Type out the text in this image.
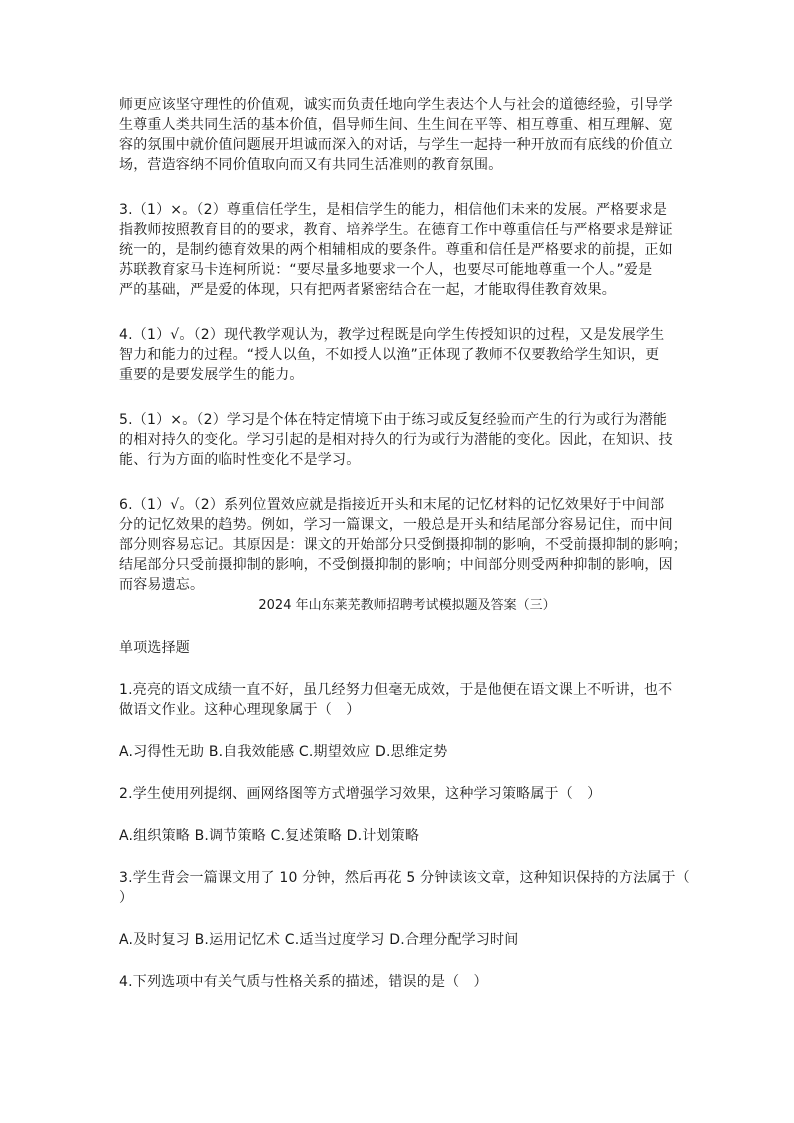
师更应该坚守理性的价值观，诚实而负责任地向学生表达个人与社会的道德经验，引导学
生尊重人类共同生活的基本价值，倡导师生间、生生间在平等、相互尊重、相互理解、宽
容的氛围中就价值问题展开坦诚而深入的对话，与学生一起持一种开放而有底线的价值立
场，营造容纳不同价值取向而又有共同生活准则的教育氛围。
3.（1）×。（2）尊重信任学生，是相信学生的能力，相信他们未来的发展。严格要求是
指教师按照教育目的的要求，教育、培养学生。在德育工作中尊重信任与严格要求是辩证
统一的，是制约德育效果的两个相辅相成的要条件。尊重和信任是严格要求的前提，正如
苏联教育家马卡连柯所说：“要尽量多地要求一个人，也要尽可能地尊重一个人。”爱是
严的基础，严是爱的体现，只有把两者紧密结合在一起，才能取得佳教育效果。
4.（1）√。（2）现代教学观认为，教学过程既是向学生传授知识的过程，又是发展学生
智力和能力的过程。“授人以鱼，不如授人以渔”正体现了教师不仅要教给学生知识，更
重要的是要发展学生的能力。
5.（1）×。（2）学习是个体在特定情境下由于练习或反复经验而产生的行为或行为潜能
的相对持久的变化。学习引起的是相对持久的行为或行为潜能的变化。因此，在知识、技
能、行为方面的临时性变化不是学习。
6.（1）√。（2）系列位置效应就是指接近开头和末尾的记忆材料的记忆效果好于中间部
分的记忆效果的趋势。例如，学习一篇课文，一般总是开头和结尾部分容易记住，而中间
部分则容易忘记。其原因是：课文的开始部分只受倒摄抑制的影响，不受前摄抑制的影响；
结尾部分只受前摄抑制的影响，不受倒摄抑制的影响；中间部分则受两种抑制的影响，因
而容易遗忘。
2024 年山东莱芜教师招聘考试模拟题及答案（三）
单项选择题
1.亮亮的语文成绩一直不好，虽几经努力但毫无成效，于是他便在语文课上不听讲，也不
做语文作业。这种心理现象属于（　）
A.习得性无助 B.自我效能感 C.期望效应 D.思维定势
2.学生使用列提纲、画网络图等方式增强学习效果，这种学习策略属于（　）
A.组织策略 B.调节策略 C.复述策略 D.计划策略
3.学生背会一篇课文用了 10 分钟，然后再花 5 分钟读该文章，这种知识保持的方法属于（
）
A.及时复习 B.运用记忆术 C.适当过度学习 D.合理分配学习时间
4.下列选项中有关气质与性格关系的描述，错误的是（　）
